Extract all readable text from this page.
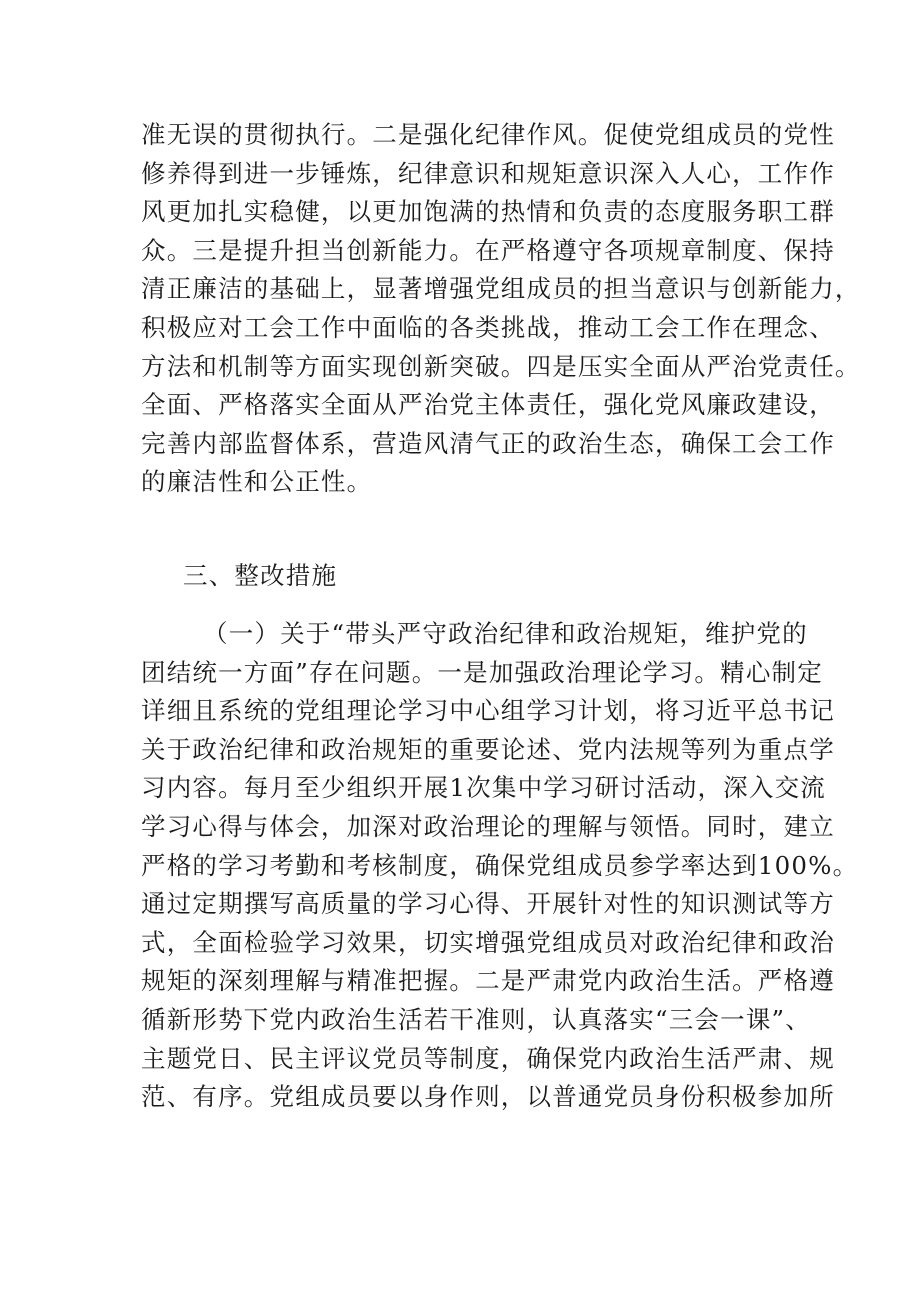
准无误的贯彻执行。二是强化纪律作风。促使党组成员的党性
修养得到进一步锤炼，纪律意识和规矩意识深入人心，工作作
风更加扎实稳健，以更加饱满的热情和负责的态度服务职工群
众。三是提升担当创新能力。在严格遵守各项规章制度、保持
清正廉洁的基础上，显著增强党组成员的担当意识与创新能力，
积极应对工会工作中面临的各类挑战，推动工会工作在理念、
方法和机制等方面实现创新突破。四是压实全面从严治党责任。
全面、严格落实全面从严治党主体责任，强化党风廉政建设，
完善内部监督体系，营造风清气正的政治生态，确保工会工作
的廉洁性和公正性。
三、整改措施
（一）关于“带头严守政治纪律和政治规矩，维护党的
团结统一方面”存在问题。一是加强政治理论学习。精心制定
详细且系统的党组理论学习中心组学习计划，将习近平总书记
关于政治纪律和政治规矩的重要论述、党内法规等列为重点学
习内容。每月至少组织开展1次集中学习研讨活动，深入交流
学习心得与体会，加深对政治理论的理解与领悟。同时，建立
严格的学习考勤和考核制度，确保党组成员参学率达到100%。
通过定期撰写高质量的学习心得、开展针对性的知识测试等方
式，全面检验学习效果，切实增强党组成员对政治纪律和政治
规矩的深刻理解与精准把握。二是严肃党内政治生活。严格遵
循新形势下党内政治生活若干准则，认真落实“三会一课”、
主题党日、民主评议党员等制度，确保党内政治生活严肃、规
范、有序。党组成员要以身作则，以普通党员身份积极参加所
